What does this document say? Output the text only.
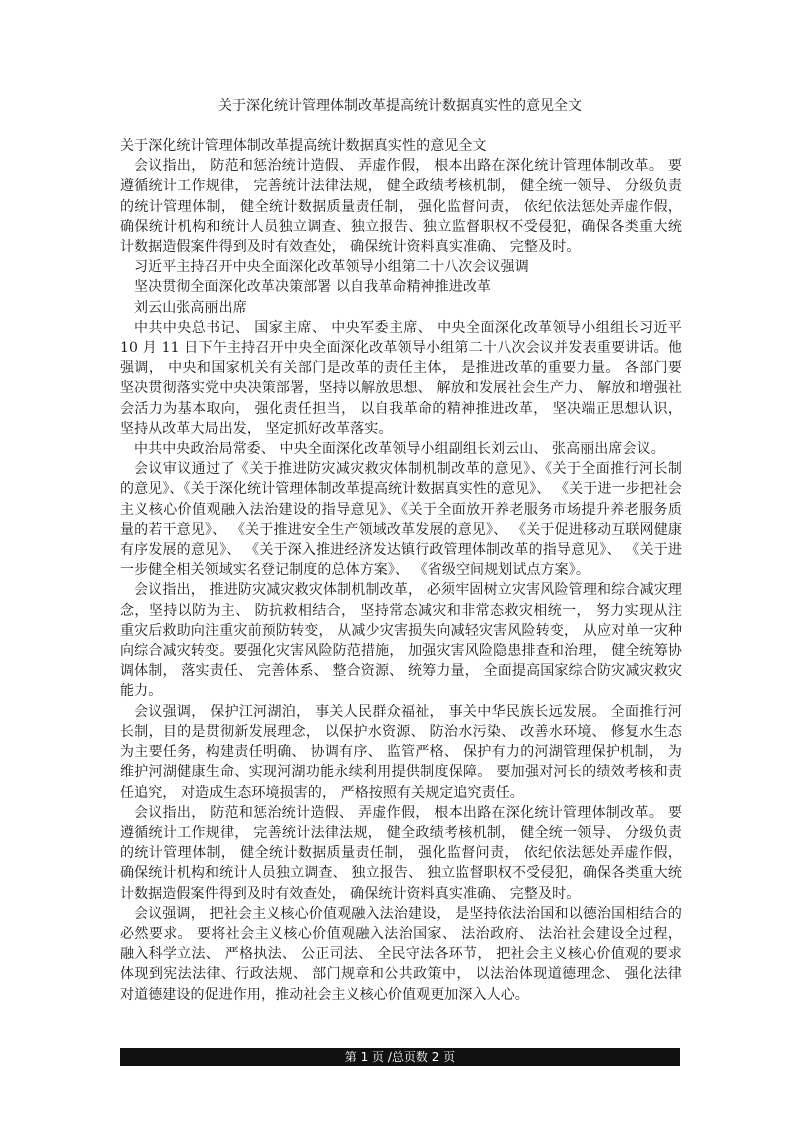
关于深化统计管理体制改革提高统计数据真实性的意见全文

关于深化统计管理体制改革提高统计数据真实性的意见全文

会议指出， 防范和惩治统计造假、 弄虚作假， 根本出路在深化统计管理体制改革。 要遵循统计工作规律， 完善统计法律法规， 健全政绩考核机制， 健全统一领导、 分级负责的统计管理体制， 健全统计数据质量责任制， 强化监督问责， 依纪依法惩处弄虚作假， 确保统计机构和统计人员独立调查、独立报告、独立监督职权不受侵犯，确保各类重大统计数据造假案件得到及时有效查处， 确保统计资料真实准确、 完整及时。

习近平主持召开中央全面深化改革领导小组第二十八次会议强调

坚决贯彻全面深化改革决策部署 以自我革命精神推进改革

刘云山张高丽出席

中共中央总书记、 国家主席、 中央军委主席、 中央全面深化改革领导小组组长习近平 10 月 11 日下午主持召开中央全面深化改革领导小组第二十八次会议并发表重要讲话。他强调， 中央和国家机关有关部门是改革的责任主体， 是推进改革的重要力量。 各部门要坚决贯彻落实党中央决策部署，坚持以解放思想、 解放和发展社会生产力、 解放和增强社会活力为基本取向， 强化责任担当， 以自我革命的精神推进改革， 坚决端正思想认识， 坚持从改革大局出发， 坚定抓好改革落实。

中共中央政治局常委、 中央全面深化改革领导小组副组长刘云山、 张高丽出席会议。

会议审议通过了《关于推进防灾减灾救灾体制机制改革的意见》、《关于全面推行河长制的意见》、《关于深化统计管理体制改革提高统计数据真实性的意见》、 《关于进一步把社会主义核心价值观融入法治建设的指导意见》、《关于全面放开养老服务市场提升养老服务质量的若干意见》、 《关于推进安全生产领域改革发展的意见》、 《关于促进移动互联网健康有序发展的意见》、 《关于深入推进经济发达镇行政管理体制改革的指导意见》、 《关于进一步健全相关领域实名登记制度的总体方案》、 《省级空间规划试点方案》。

会议指出， 推进防灾减灾救灾体制机制改革， 必须牢固树立灾害风险管理和综合减灾理念，坚持以防为主、 防抗救相结合， 坚持常态减灾和非常态救灾相统一， 努力实现从注重灾后救助向注重灾前预防转变， 从减少灾害损失向减轻灾害风险转变， 从应对单一灾种向综合减灾转变。要强化灾害风险防范措施， 加强灾害风险隐患排查和治理， 健全统筹协调体制， 落实责任、 完善体系、 整合资源、 统筹力量， 全面提高国家综合防灾减灾救灾能力。

会议强调， 保护江河湖泊， 事关人民群众福祉， 事关中华民族长远发展。 全面推行河长制，目的是贯彻新发展理念， 以保护水资源、 防治水污染、 改善水环境、 修复水生态为主要任务，构建责任明确、 协调有序、 监管严格、 保护有力的河湖管理保护机制， 为维护河湖健康生命、实现河湖功能永续利用提供制度保障。 要加强对河长的绩效考核和责任追究， 对造成生态环境损害的， 严格按照有关规定追究责任。

会议指出， 防范和惩治统计造假、 弄虚作假， 根本出路在深化统计管理体制改革。 要遵循统计工作规律， 完善统计法律法规， 健全政绩考核机制， 健全统一领导、 分级负责的统计管理体制， 健全统计数据质量责任制， 强化监督问责， 依纪依法惩处弄虚作假， 确保统计机构和统计人员独立调查、 独立报告、 独立监督职权不受侵犯，确保各类重大统计数据造假案件得到及时有效查处， 确保统计资料真实准确、 完整及时。

会议强调， 把社会主义核心价值观融入法治建设， 是坚持依法治国和以德治国相结合的必然要求。 要将社会主义核心价值观融入法治国家、 法治政府、 法治社会建设全过程， 融入科学立法、 严格执法、 公正司法、 全民守法各环节， 把社会主义核心价值观的要求体现到宪法法律、行政法规、 部门规章和公共政策中， 以法治体现道德理念、 强化法律对道德建设的促进作用，推动社会主义核心价值观更加深入人心。

第 1 页 /总页数 2 页
